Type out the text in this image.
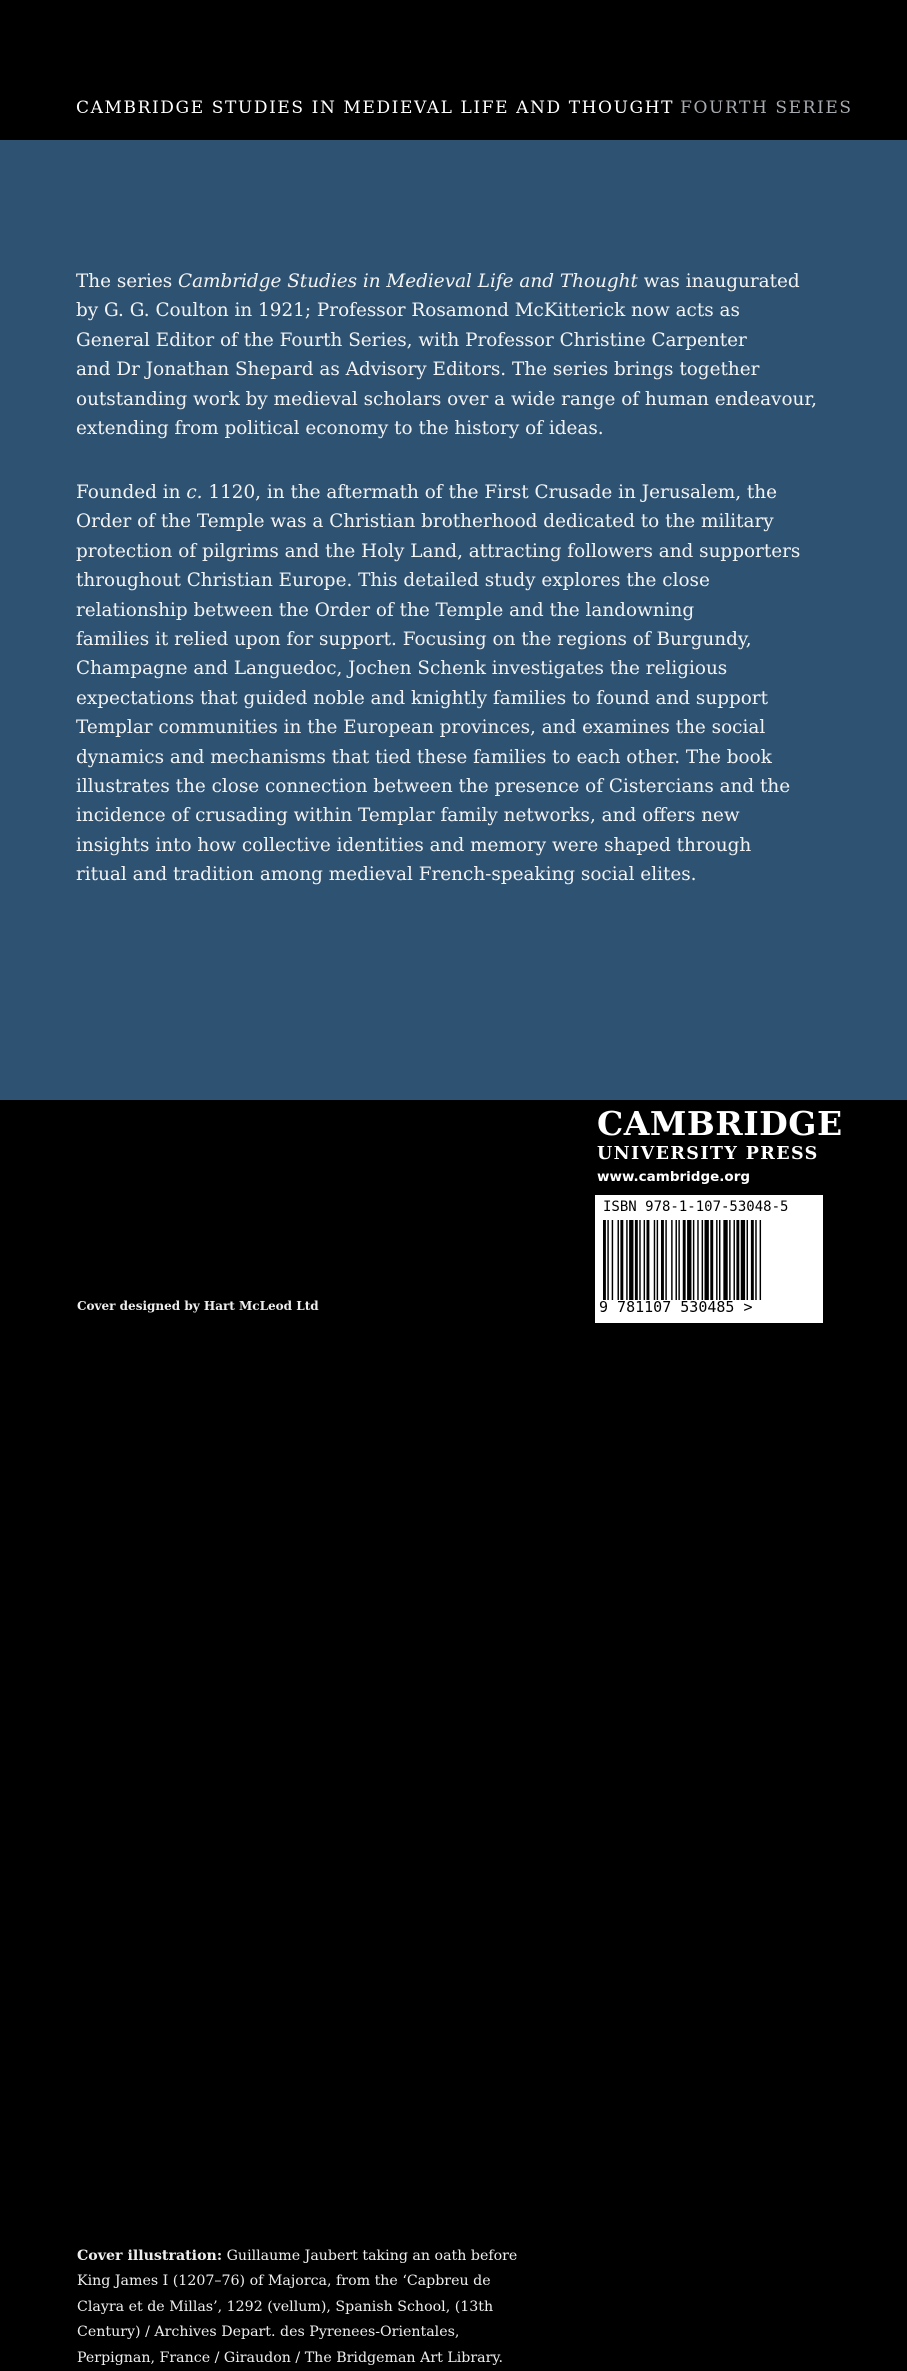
CAMBRIDGE STUDIES IN MEDIEVAL LIFE AND THOUGHT FOURTH SERIES
The series Cambridge Studies in Medieval Life and Thought was inaugurated
by G. G. Coulton in 1921; Professor Rosamond McKitterick now acts as
General Editor of the Fourth Series, with Professor Christine Carpenter
and Dr Jonathan Shepard as Advisory Editors. The series brings together
outstanding work by medieval scholars over a wide range of human endeavour,
extending from political economy to the history of ideas.
Founded in c. 1120, in the aftermath of the First Crusade in Jerusalem, the
Order of the Temple was a Christian brotherhood dedicated to the military
protection of pilgrims and the Holy Land, attracting followers and supporters
throughout Christian Europe. This detailed study explores the close
relationship between the Order of the Temple and the landowning
families it relied upon for support. Focusing on the regions of Burgundy,
Champagne and Languedoc, Jochen Schenk investigates the religious
expectations that guided noble and knightly families to found and support
Templar communities in the European provinces, and examines the social
dynamics and mechanisms that tied these families to each other. The book
illustrates the close connection between the presence of Cistercians and the
incidence of crusading within Templar family networks, and offers new
insights into how collective identities and memory were shaped through
ritual and tradition among medieval French-speaking social elites.
Cover illustration: Guillaume Jaubert taking an oath before
King James I (1207–76) of Majorca, from the ‘Capbreu de
Clayra et de Millas’, 1292 (vellum), Spanish School, (13th
Century) / Archives Depart. des Pyrenees-Orientales,
Perpignan, France / Giraudon / The Bridgeman Art Library.
Cover designed by Hart McLeod Ltd
CAMBRIDGE
UNIVERSITY PRESS
www.cambridge.org
ISBN 978-1-107-53048-5
9 781107 530485 >
